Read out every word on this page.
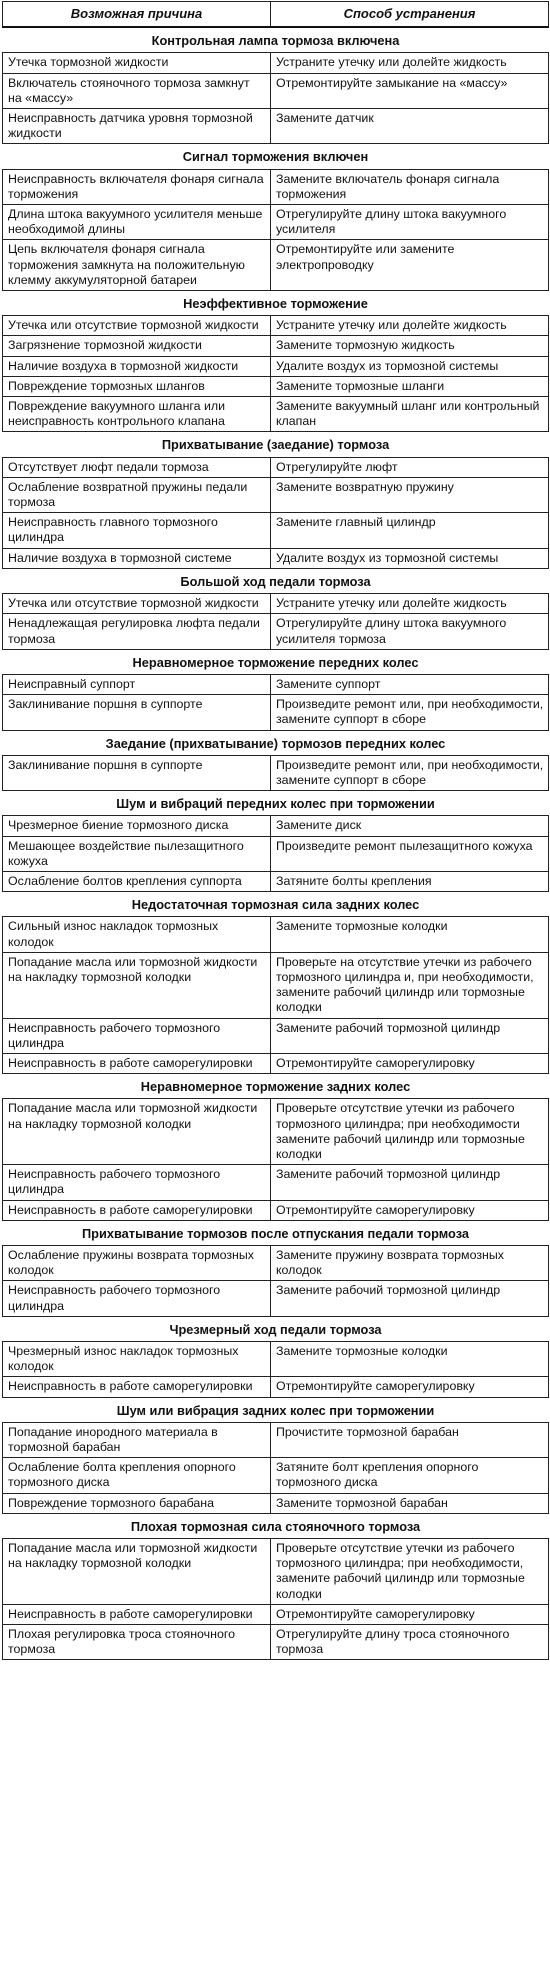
Возможная причина	Способ устранения
Контрольная лампа тормоза включена	
Утечка тормозной жидкости	Устраните утечку или долейте жидкость
Включатель стояночного тормоза замкнут на «массу»	Отремонтируйте замыкание на «массу»
Неисправность датчика уровня тормозной жидкости	Замените датчик
Сигнал торможения включен	
Неисправность включателя фонаря сигнала торможения	Замените включатель фонаря сигнала торможения
Длина штока вакуумного усилителя меньше необходимой длины	Отрегулируйте длину штока вакуумного усилителя
Цепь включателя фонаря сигнала торможения замкнута на положительную клемму аккумуляторной батареи	Отремонтируйте или замените электропроводку
Неэффективное торможение	
Утечка или отсутствие тормозной жидкости	Устраните утечку или долейте жидкость
Загрязнение тормозной жидкости	Замените тормозную жидкость
Наличие воздуха в тормозной жидкости	Удалите воздух из тормозной системы
Повреждение тормозных шлангов	Замените тормозные шланги
Повреждение вакуумного шланга или неисправность контрольного клапана	Замените вакуумный шланг или контрольный клапан
Прихватывание (заедание) тормоза	
Отсутствует люфт педали тормоза	Отрегулируйте люфт
Ослабление возвратной пружины педали тормоза	Замените возвратную пружину
Неисправность главного тормозного цилиндра	Замените главный цилиндр
Наличие воздуха в тормозной системе	Удалите воздух из тормозной системы
Большой ход педали тормоза	
Утечка или отсутствие тормозной жидкости	Устраните утечку или долейте жидкость
Ненадлежащая регулировка люфта педали тормоза	Отрегулируйте длину штока вакуумного усилителя тормоза
Неравномерное торможение передних колес	
Неисправный суппорт	Замените суппорт
Заклинивание поршня в суппорте	Произведите ремонт или, при необходимости, замените суппорт в сборе
Заедание (прихватывание) тормозов передних колес	
Заклинивание поршня в суппорте	Произведите ремонт или, при необходимости, замените суппорт в сборе
Шум и вибраций передних колес при торможении	
Чрезмерное биение тормозного диска	Замените диск
Мешающее воздействие пылезащитного кожуха	Произведите ремонт пылезащитного кожуха
Ослабление болтов крепления суппорта	Затяните болты крепления
Недостаточная тормозная сила задних колес	
Сильный износ накладок тормозных колодок	Замените тормозные колодки
Попадание масла или тормозной жидкости на накладку тормозной колодки	Проверьте на отсутствие утечки из рабочего тормозного цилиндра и, при необходимости, замените рабочий цилиндр или тормозные колодки
Неисправность рабочего тормозного цилиндра	Замените рабочий тормозной цилиндр
Неисправность в работе саморегулировки	Отремонтируйте саморегулировку
Неравномерное торможение задних колес	
Попадание масла или тормозной жидкости на накладку тормозной колодки	Проверьте отсутствие утечки из рабочего тормозного цилиндра; при необходимости замените рабочий цилиндр или тормозные колодки
Неисправность рабочего тормозного цилиндра	Замените рабочий тормозной цилиндр
Неисправность в работе саморегулировки	Отремонтируйте саморегулировку
Прихватывание тормозов после отпускания педали тормоза	
Ослабление пружины возврата тормозных колодок	Замените пружину возврата тормозных колодок
Неисправность рабочего тормозного цилиндра	Замените рабочий тормозной цилиндр
Чрезмерный ход педали тормоза	
Чрезмерный износ накладок тормозных колодок	Замените тормозные колодки
Неисправность в работе саморегулировки	Отремонтируйте саморегулировку
Шум или вибрация задних колес при торможении	
Попадание инородного материала в тормозной барабан	Прочистите тормозной барабан
Ослабление болта крепления опорного тормозного диска	Затяните болт крепления опорного тормозного диска
Повреждение тормозного барабана	Замените тормозной барабан
Плохая тормозная сила стояночного тормоза	
Попадание масла или тормозной жидкости на накладку тормозной колодки	Проверьте отсутствие утечки из рабочего тормозного цилиндра; при необходимости, замените рабочий цилиндр или тормозные колодки
Неисправность в работе саморегулировки	Отремонтируйте саморегулировку
Плохая регулировка троса стояночного тормоза	Отрегулируйте длину троса стояночного тормоза
